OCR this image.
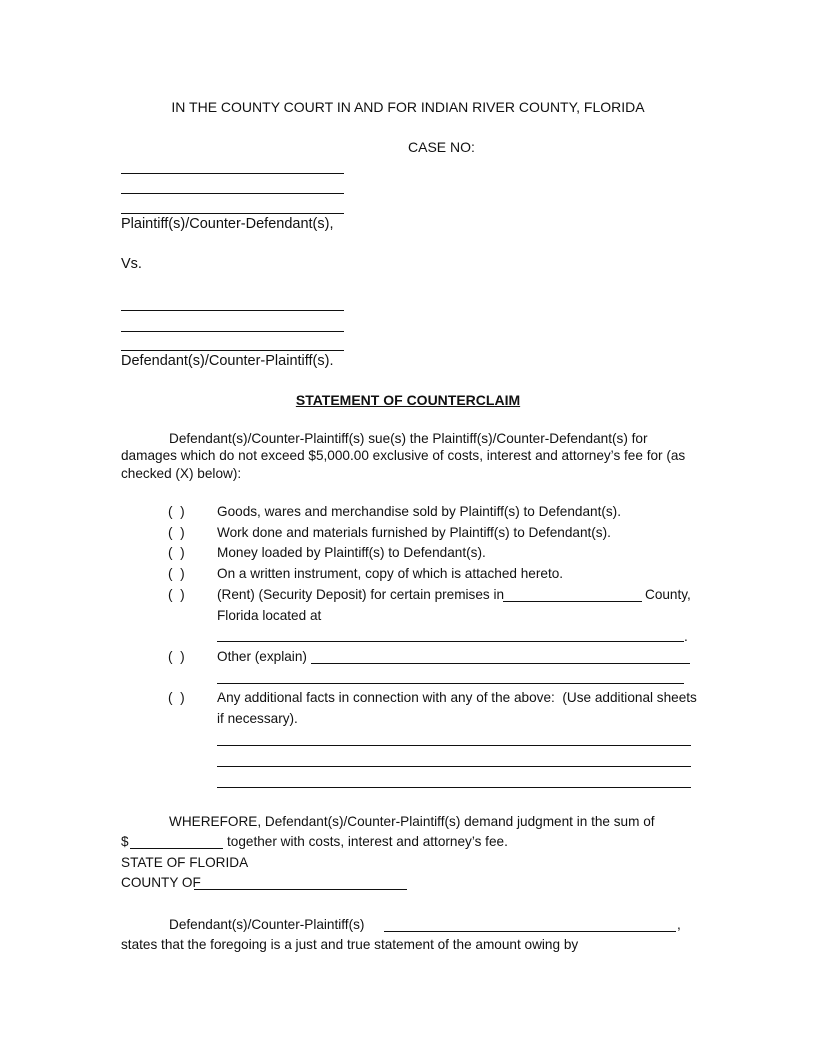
IN THE COUNTY COURT IN AND FOR INDIAN RIVER COUNTY, FLORIDA
CASE NO:
Plaintiff(s)/Counter-Defendant(s),
Vs.
Defendant(s)/Counter-Plaintiff(s).
STATEMENT OF COUNTERCLAIM
Defendant(s)/Counter-Plaintiff(s) sue(s) the Plaintiff(s)/Counter-Defendant(s) for
damages which do not exceed $5,000.00 exclusive of costs, interest and attorney’s fee for (as
checked (X) below):
(  ) Goods, wares and merchandise sold by Plaintiff(s) to Defendant(s).
(  ) Work done and materials furnished by Plaintiff(s) to Defendant(s).
(  ) Money loaded by Plaintiff(s) to Defendant(s).
(  ) On a written instrument, copy of which is attached hereto.
(  ) (Rent) (Security Deposit) for certain premises in	County,
Florida located at
.
(  ) Other (explain)
(  ) Any additional facts in connection with any of the above:  (Use additional sheets
if necessary).
WHEREFORE, Defendant(s)/Counter-Plaintiff(s) demand judgment in the sum of
$	together with costs, interest and attorney’s fee.
STATE OF FLORIDA
COUNTY OF
Defendant(s)/Counter-Plaintiff(s)	,
states that the foregoing is a just and true statement of the amount owing by
